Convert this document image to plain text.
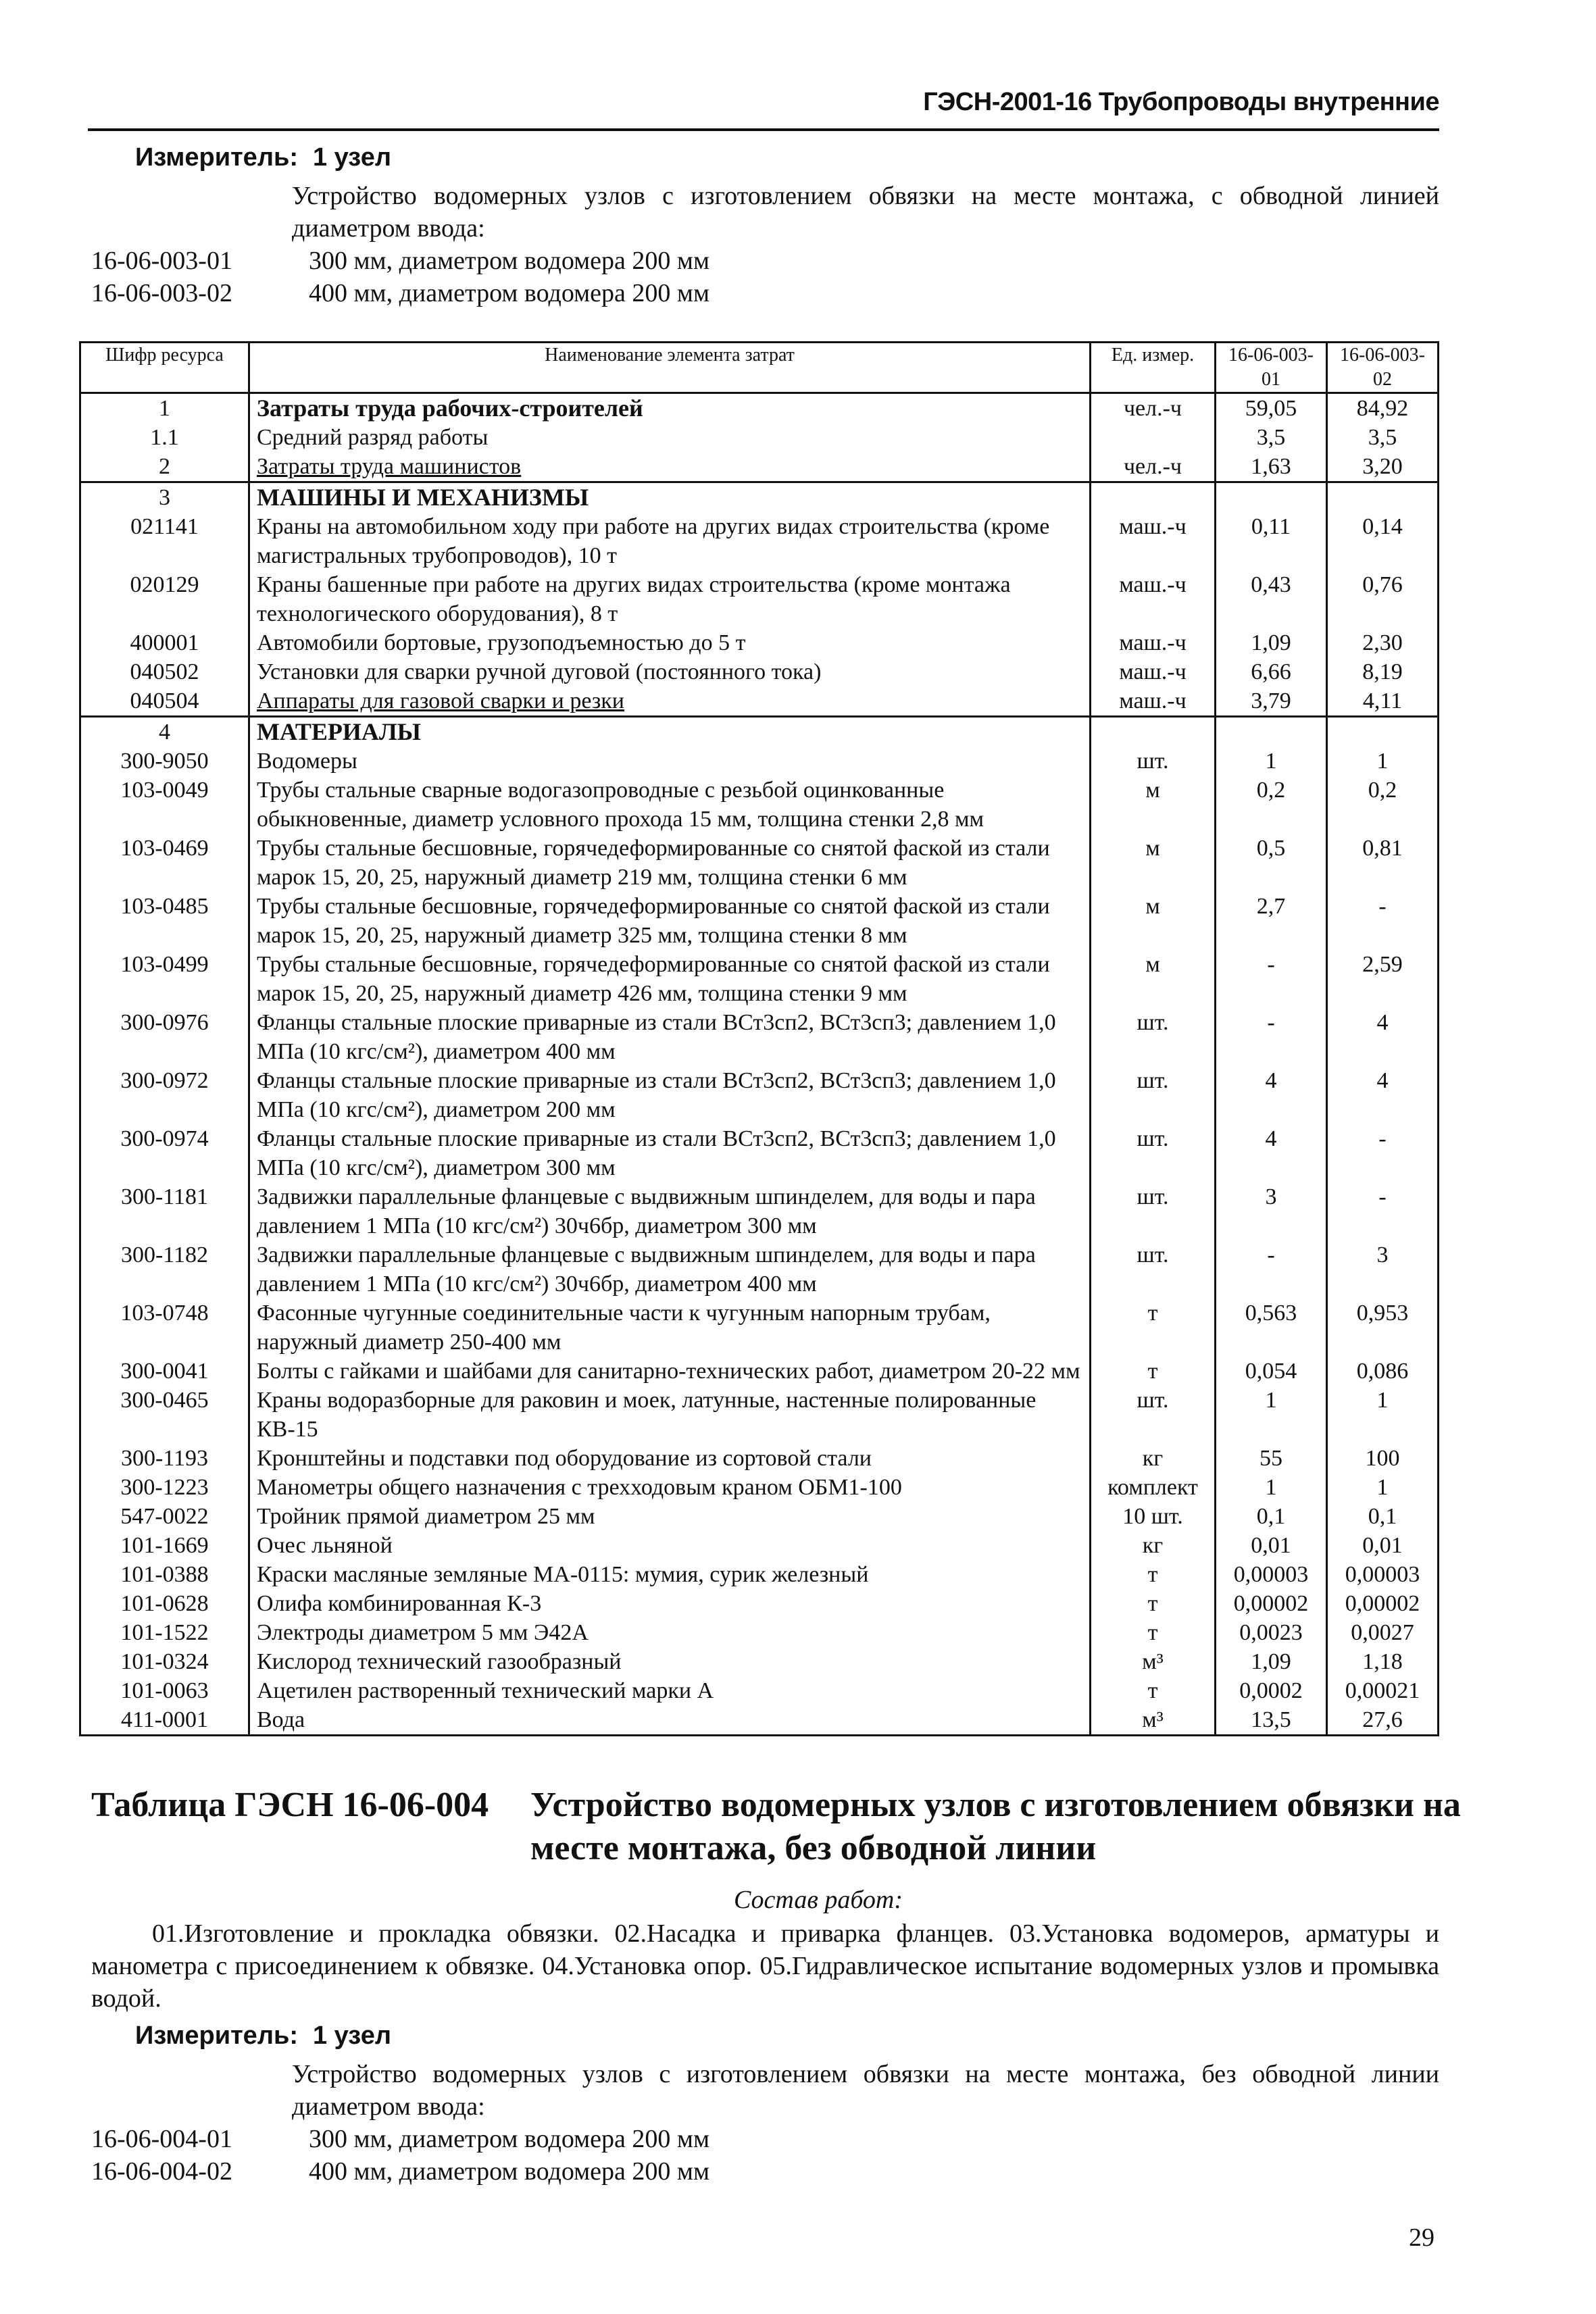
ГЭСН-2001-16 Трубопроводы внутренние
Измеритель: 1 узел
Устройство водомерных узлов с изготовлением обвязки на месте монтажа, с обводной линией диаметром ввода:
16-06-003-01	300 мм, диаметром водомера 200 мм
16-06-003-02	400 мм, диаметром водомера 200 мм
Шифр ресурса	Наименование элемента затрат	Ед. измер.	16-06-003-01	16-06-003-02
1	Затраты труда рабочих-строителей	чел.-ч	59,05	84,92
1.1	Средний разряд работы		3,5	3,5
2	Затраты труда машинистов	чел.-ч	1,63	3,20
3	МАШИНЫ И МЕХАНИЗМЫ			
021141	Краны на автомобильном ходу при работе на других видах строительства (кроме магистральных трубопроводов), 10 т	маш.-ч	0,11	0,14
020129	Краны башенные при работе на других видах строительства (кроме монтажа технологического оборудования), 8 т	маш.-ч	0,43	0,76
400001	Автомобили бортовые, грузоподъемностью до 5 т	маш.-ч	1,09	2,30
040502	Установки для сварки ручной дуговой (постоянного тока)	маш.-ч	6,66	8,19
040504	Аппараты для газовой сварки и резки	маш.-ч	3,79	4,11
4	МАТЕРИАЛЫ			
300-9050	Водомеры	шт.	1	1
103-0049	Трубы стальные сварные водогазопроводные с резьбой оцинкованные обыкновенные, диаметр условного прохода 15 мм, толщина стенки 2,8 мм	м	0,2	0,2
103-0469	Трубы стальные бесшовные, горячедеформированные со снятой фаской из стали марок 15, 20, 25, наружный диаметр 219 мм, толщина стенки 6 мм	м	0,5	0,81
103-0485	Трубы стальные бесшовные, горячедеформированные со снятой фаской из стали марок 15, 20, 25, наружный диаметр 325 мм, толщина стенки 8 мм	м	2,7	-
103-0499	Трубы стальные бесшовные, горячедеформированные со снятой фаской из стали марок 15, 20, 25, наружный диаметр 426 мм, толщина стенки 9 мм	м	-	2,59
300-0976	Фланцы стальные плоские приварные из стали ВСт3сп2, ВСт3сп3; давлением 1,0 МПа (10 кгс/см²), диаметром 400 мм	шт.	-	4
300-0972	Фланцы стальные плоские приварные из стали ВСт3сп2, ВСт3сп3; давлением 1,0 МПа (10 кгс/см²), диаметром 200 мм	шт.	4	4
300-0974	Фланцы стальные плоские приварные из стали ВСт3сп2, ВСт3сп3; давлением 1,0 МПа (10 кгс/см²), диаметром 300 мм	шт.	4	-
300-1181	Задвижки параллельные фланцевые с выдвижным шпинделем, для воды и пара давлением 1 МПа (10 кгс/см²) 30ч6бр, диаметром 300 мм	шт.	3	-
300-1182	Задвижки параллельные фланцевые с выдвижным шпинделем, для воды и пара давлением 1 МПа (10 кгс/см²) 30ч6бр, диаметром 400 мм	шт.	-	3
103-0748	Фасонные чугунные соединительные части к чугунным напорным трубам, наружный диаметр 250-400 мм	т	0,563	0,953
300-0041	Болты с гайками и шайбами для санитарно-технических работ, диаметром 20-22 мм	т	0,054	0,086
300-0465	Краны водоразборные для раковин и моек, латунные, настенные полированные КВ-15	шт.	1	1
300-1193	Кронштейны и подставки под оборудование из сортовой стали	кг	55	100
300-1223	Манометры общего назначения с трехходовым краном ОБМ1-100	комплект	1	1
547-0022	Тройник прямой диаметром 25 мм	10 шт.	0,1	0,1
101-1669	Очес льняной	кг	0,01	0,01
101-0388	Краски масляные земляные МА-0115: мумия, сурик железный	т	0,00003	0,00003
101-0628	Олифа комбинированная К-3	т	0,00002	0,00002
101-1522	Электроды диаметром 5 мм Э42А	т	0,0023	0,0027
101-0324	Кислород технический газообразный	м³	1,09	1,18
101-0063	Ацетилен растворенный технический марки А	т	0,0002	0,00021
411-0001	Вода	м³	13,5	27,6
Таблица ГЭСН 16-06-004 Устройство водомерных узлов с изготовлением обвязки на месте монтажа, без обводной линии
Состав работ:
01.Изготовление и прокладка обвязки. 02.Насадка и приварка фланцев. 03.Установка водомеров, арматуры и манометра с присоединением к обвязке. 04.Установка опор. 05.Гидравлическое испытание водомерных узлов и промывка водой.
Измеритель: 1 узел
Устройство водомерных узлов с изготовлением обвязки на месте монтажа, без обводной линии диаметром ввода:
16-06-004-01	300 мм, диаметром водомера 200 мм
16-06-004-02	400 мм, диаметром водомера 200 мм
29
